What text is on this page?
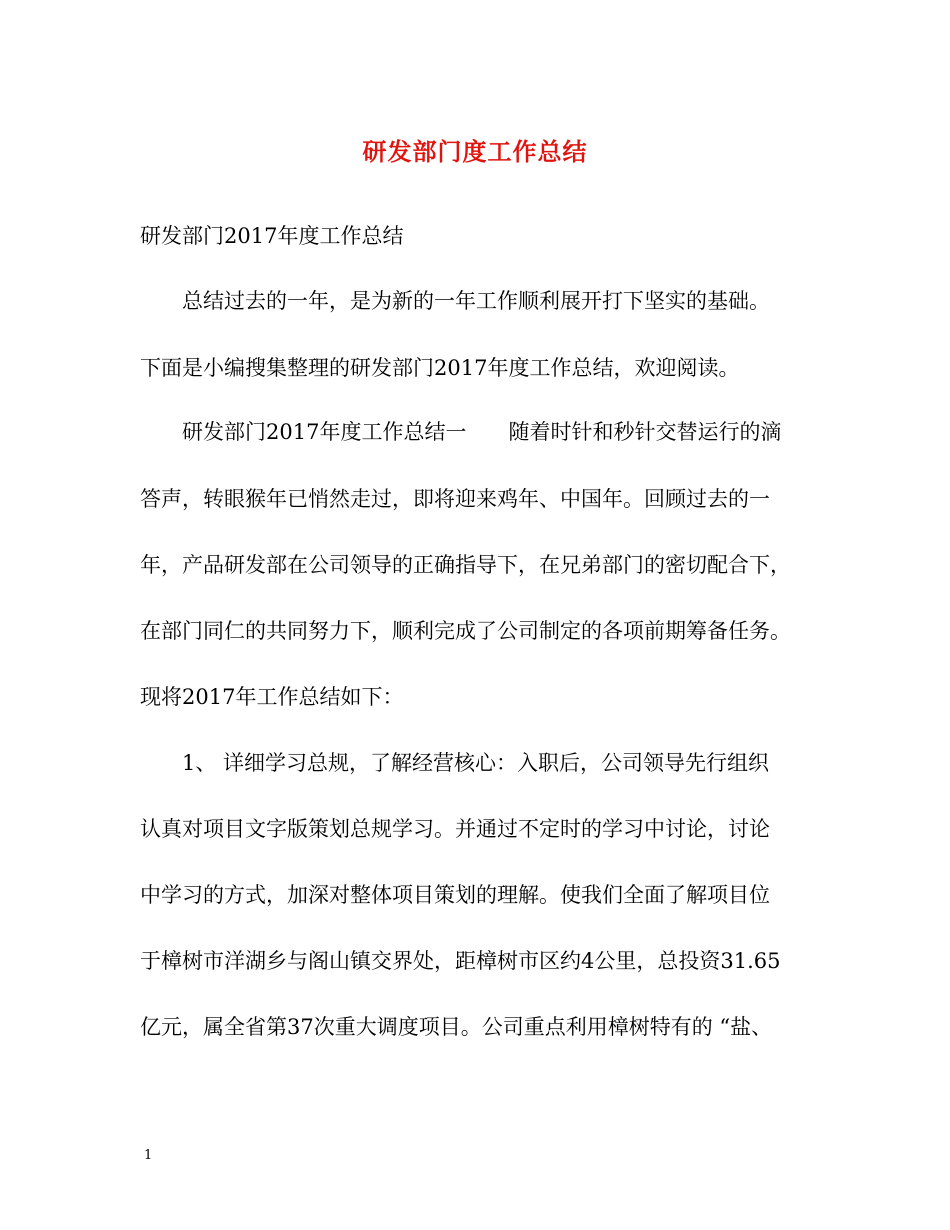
研发部门度工作总结
研发部门2017年度工作总结
　　总结过去的一年，是为新的一年工作顺利展开打下坚实的基础。
下面是小编搜集整理的研发部门2017年度工作总结，欢迎阅读。
　　研发部门2017年度工作总结一　　随着时针和秒针交替运行的滴
答声，转眼猴年已悄然走过，即将迎来鸡年、中国年。回顾过去的一
年，产品研发部在公司领导的正确指导下，在兄弟部门的密切配合下，
在部门同仁的共同努力下，顺利完成了公司制定的各项前期筹备任务。
现将2017年工作总结如下：
　　1、 详细学习总规，了解经营核心：入职后，公司领导先行组织
认真对项目文字版策划总规学习。并通过不定时的学习中讨论，讨论
中学习的方式，加深对整体项目策划的理解。使我们全面了解项目位
于樟树市洋湖乡与阁山镇交界处，距樟树市区约4公里，总投资31.65
亿元，属全省第37次重大调度项目。公司重点利用樟树特有的 “盐、
1
